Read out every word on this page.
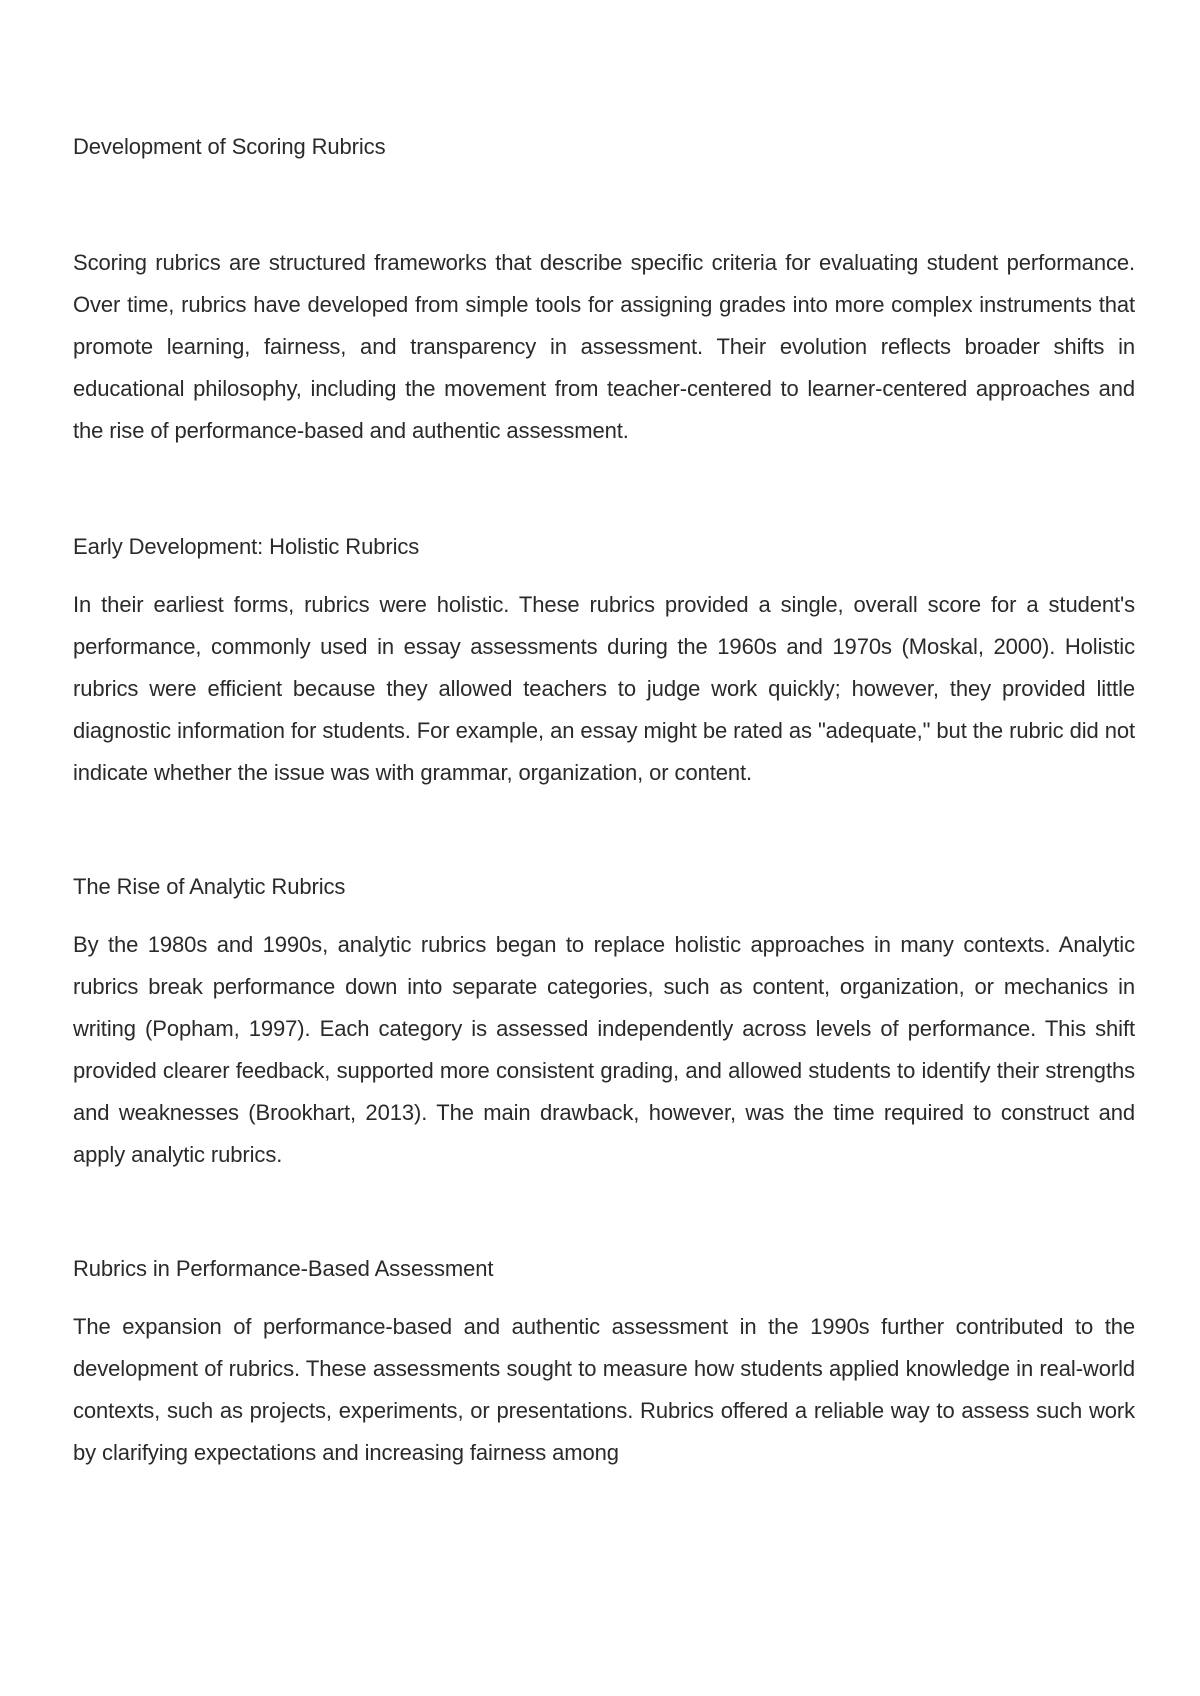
Development of Scoring Rubrics

Scoring rubrics are structured frameworks that describe specific criteria for evaluating student performance. Over time, rubrics have developed from simple tools for assigning grades into more complex instruments that promote learning, fairness, and transparency in assessment. Their evolution reflects broader shifts in educational philosophy, including the movement from teacher-centered to learner-centered approaches and the rise of performance-based and authentic assessment.

Early Development: Holistic Rubrics

In their earliest forms, rubrics were holistic. These rubrics provided a single, overall score for a student's performance, commonly used in essay assessments during the 1960s and 1970s (Moskal, 2000). Holistic rubrics were efficient because they allowed teachers to judge work quickly; however, they provided little diagnostic information for students. For example, an essay might be rated as "adequate," but the rubric did not indicate whether the issue was with grammar, organization, or content.

The Rise of Analytic Rubrics

By the 1980s and 1990s, analytic rubrics began to replace holistic approaches in many contexts. Analytic rubrics break performance down into separate categories, such as content, organization, or mechanics in writing (Popham, 1997). Each category is assessed independently across levels of performance. This shift provided clearer feedback, supported more consistent grading, and allowed students to identify their strengths and weaknesses (Brookhart, 2013). The main drawback, however, was the time required to construct and apply analytic rubrics.

Rubrics in Performance-Based Assessment

The expansion of performance-based and authentic assessment in the 1990s further contributed to the development of rubrics. These assessments sought to measure how students applied knowledge in real-world contexts, such as projects, experiments, or presentations. Rubrics offered a reliable way to assess such work by clarifying expectations and increasing fairness among
